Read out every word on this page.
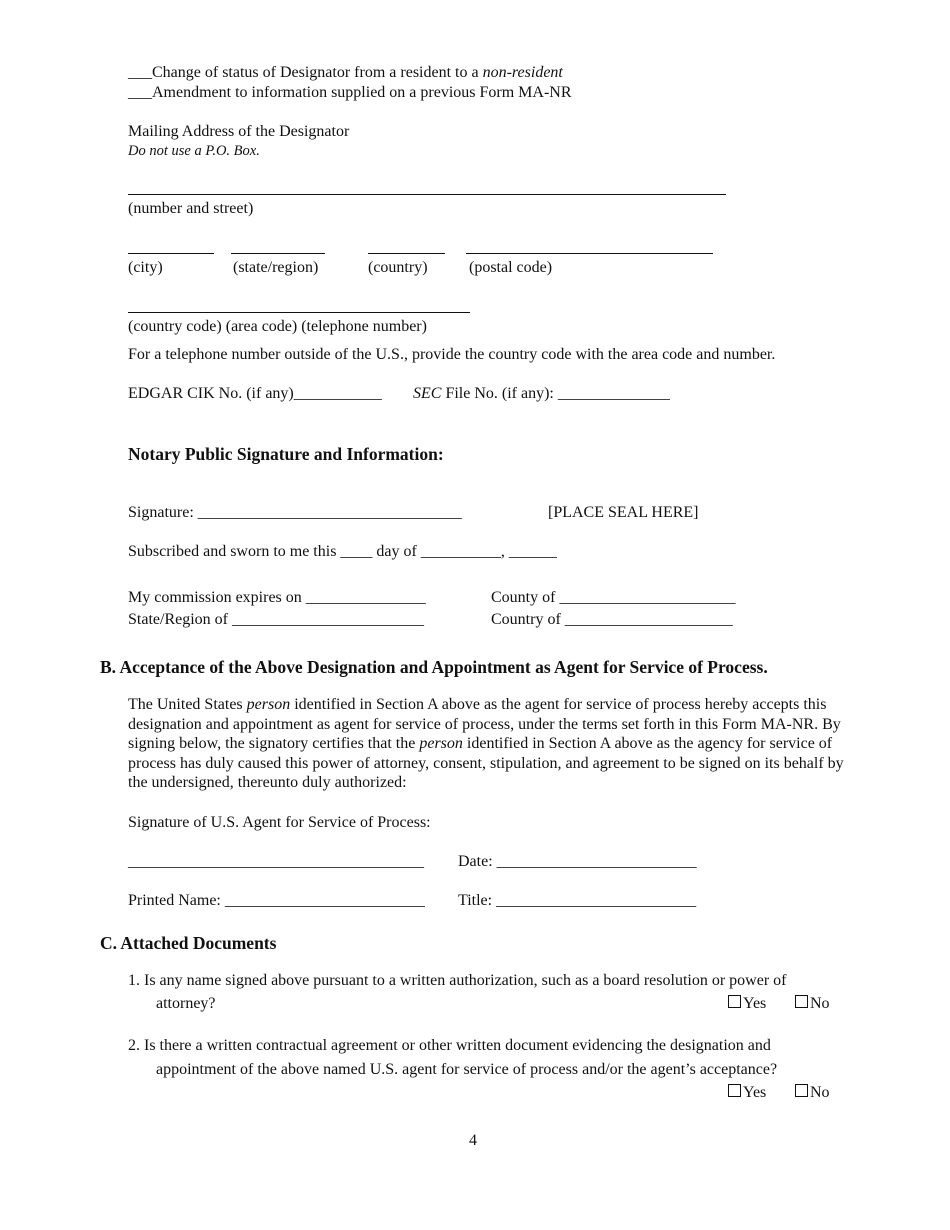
___Change of status of Designator from a resident to a non-resident
___Amendment to information supplied on a previous Form MA-NR
Mailing Address of the Designator
Do not use a P.O. Box.
(number and street)
(city)	(state/region)	(country)	(postal code)
(country code) (area code) (telephone number)
For a telephone number outside of the U.S., provide the country code with the area code and number.
EDGAR CIK No. (if any)___________ SEC File No. (if any): ______________
Notary Public Signature and Information:
Signature: _________________________________	[PLACE SEAL HERE]
Subscribed and sworn to me this ____ day of __________, ______
My commission expires on _______________	County of ______________________
State/Region of ________________________	Country of _____________________
B. Acceptance of the Above Designation and Appointment as Agent for Service of Process.
The United States person identified in Section A above as the agent for service of process hereby accepts this designation and appointment as agent for service of process, under the terms set forth in this Form MA-NR. By signing below, the signatory certifies that the person identified in Section A above as the agency for service of process has duly caused this power of attorney, consent, stipulation, and agreement to be signed on its behalf by the undersigned, thereunto duly authorized:
Signature of U.S. Agent for Service of Process:
_____________________________________ Date: _________________________
Printed Name: _________________________ Title: _________________________
C. Attached Documents
1. Is any name signed above pursuant to a written authorization, such as a board resolution or power of
attorney?	Yes	No
2. Is there a written contractual agreement or other written document evidencing the designation and
appointment of the above named U.S. agent for service of process and/or the agent’s acceptance?
Yes	No
4
